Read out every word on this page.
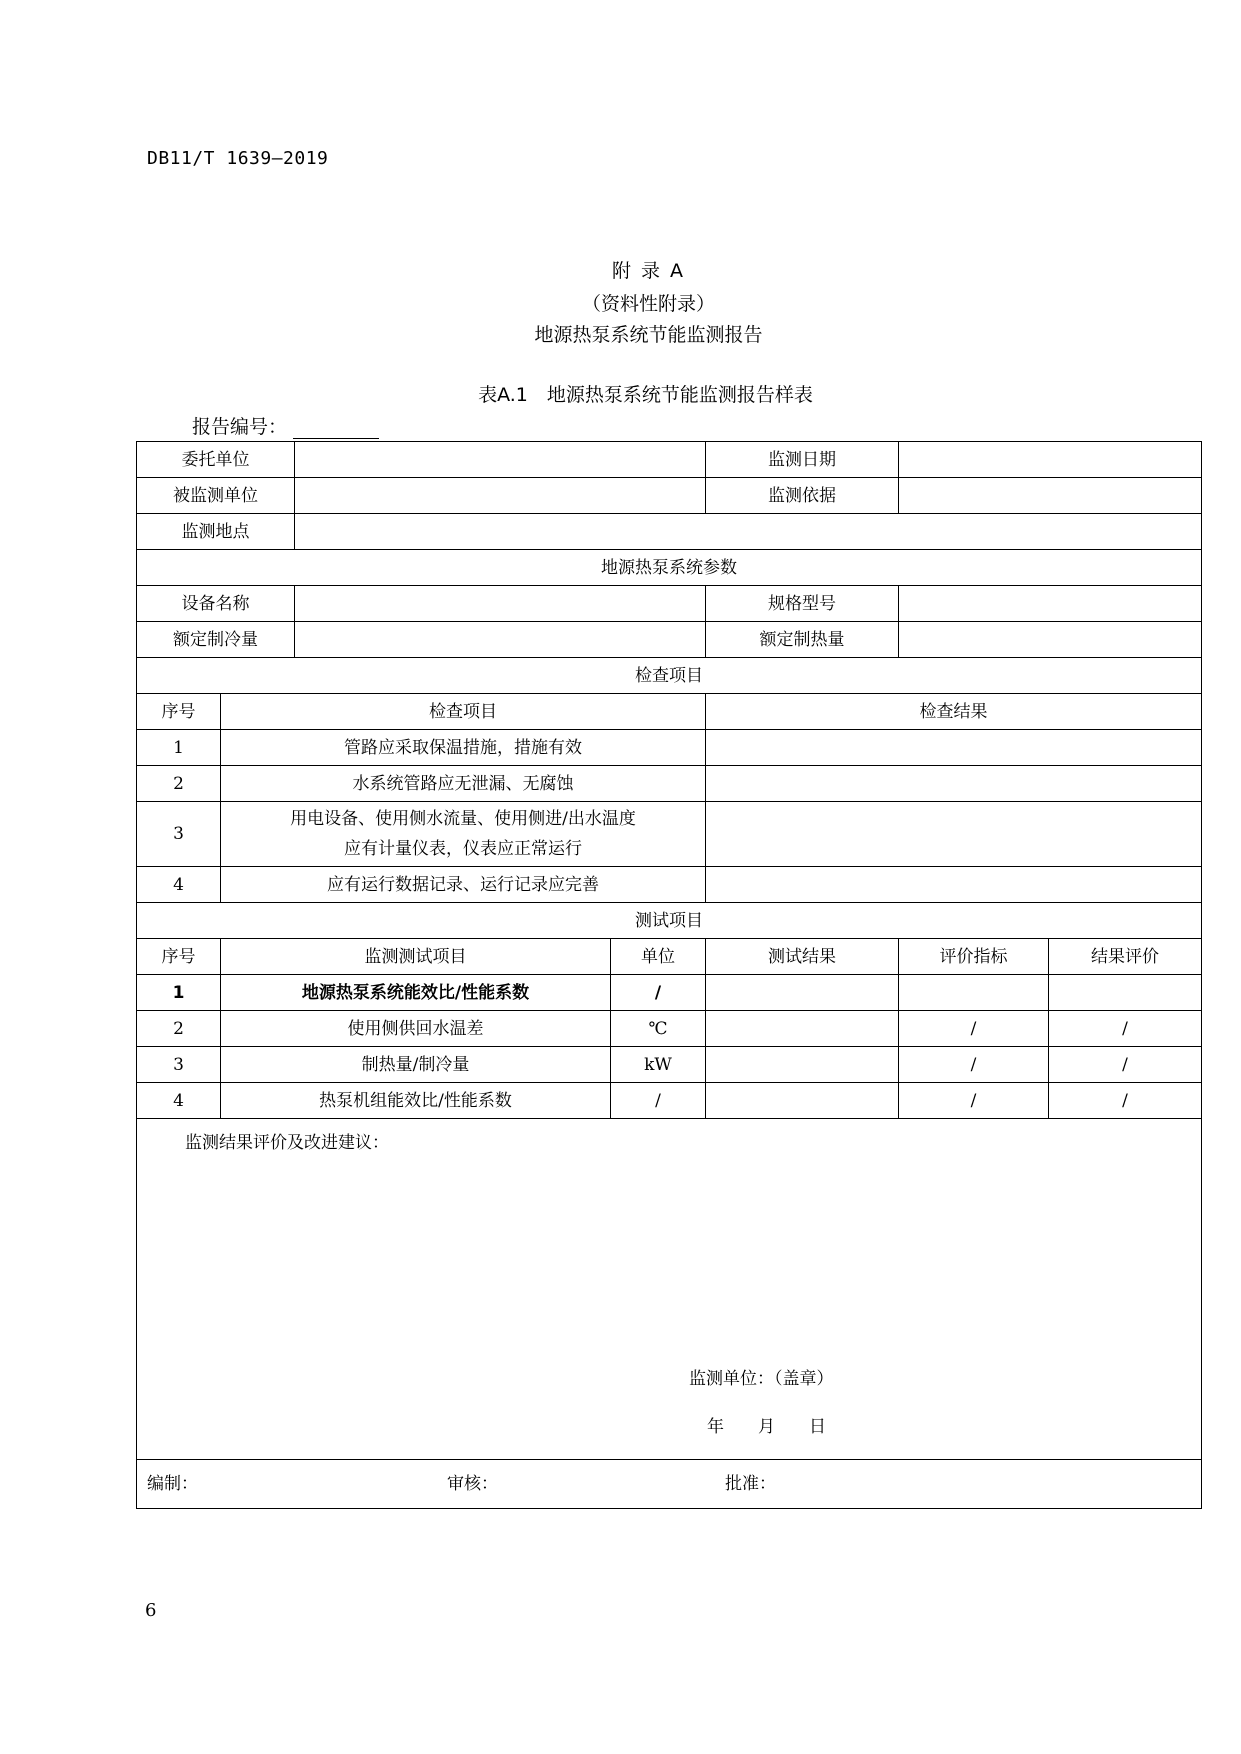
DB11/T 1639—2019
附 录 A
（资料性附录）
地源热泵系统节能监测报告
表A.1　地源热泵系统节能监测报告样表
报告编号：
委托单位				监测日期		
被监测单位				监测依据		
监测地点						
地源热泵系统参数						
设备名称				规格型号		
额定制冷量				额定制热量		
检查项目						
序号	检查项目			检查结果		
1	管路应采取保温措施，措施有效					
2	水系统管路应无泄漏、无腐蚀					
3	用电设备、使用侧水流量、使用侧进/出水温度
应有计量仪表，仪表应正常运行					

4	应有运行数据记录、运行记录应完善					
测试项目						
序号	监测测试项目		单位	测试结果	评价指标	结果评价
1	地源热泵系统能效比/性能系数		/			
2	使用侧供回水温差		℃		/	/
3	制热量/制冷量		kW		/	/
4	热泵机组能效比/性能系数		/		/	/

监测结果评价及改进建议：
监测单位：（盖章）
年 月 日						

编制： 审核： 批准：						
6
